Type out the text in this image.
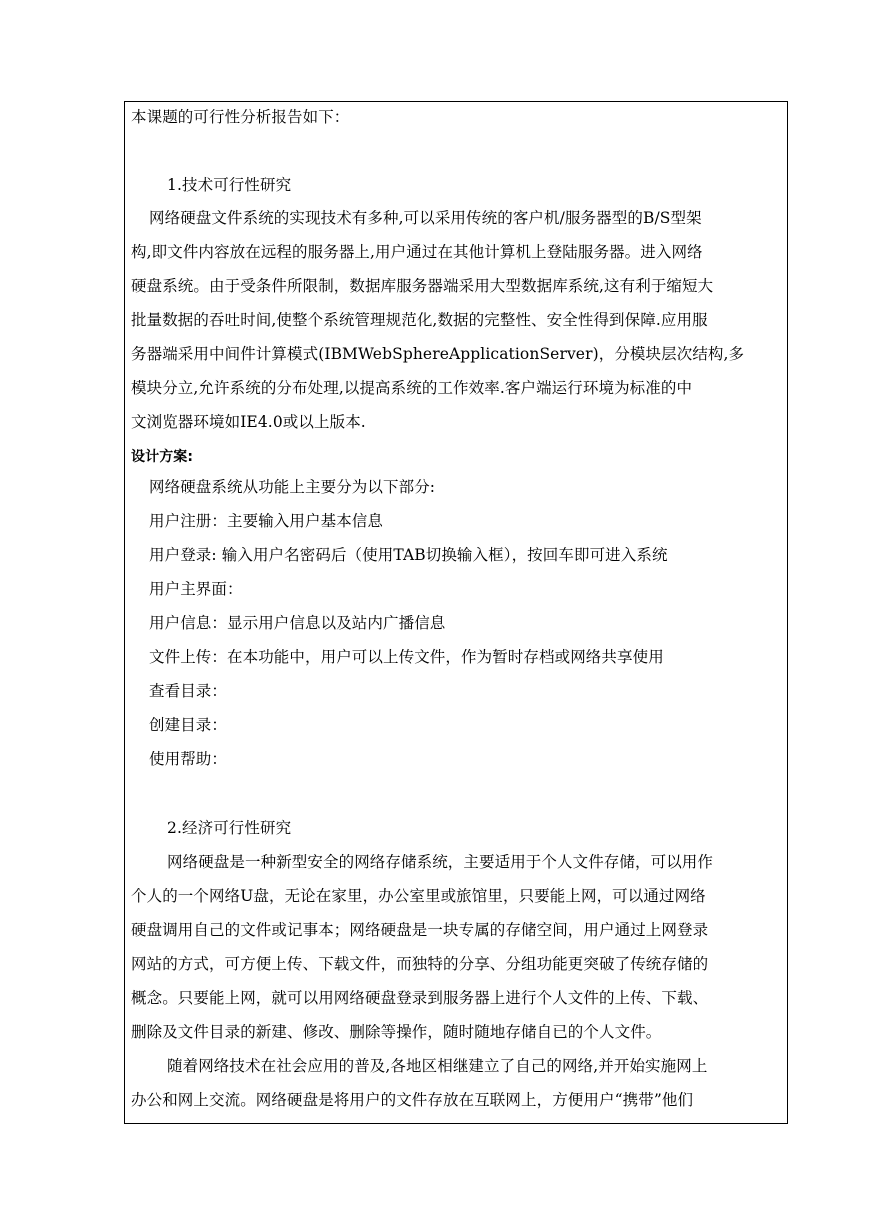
本课题的可行性分析报告如下：
1.技术可行性研究
网络硬盘文件系统的实现技术有多种,可以采用传统的客户机/服务器型的B/S型架
构,即文件内容放在远程的服务器上,用户通过在其他计算机上登陆服务器。进入网络
硬盘系统。由于受条件所限制，数据库服务器端采用大型数据库系统,这有利于缩短大
批量数据的吞吐时间,使整个系统管理规范化,数据的完整性、安全性得到保障.应用服
务器端采用中间件计算模式(IBMWebSphereApplicationServer)，分模块层次结构,多
模块分立,允许系统的分布处理,以提高系统的工作效率.客户端运行环境为标准的中
文浏览器环境如IE4.0或以上版本.
设计方案:
网络硬盘系统从功能上主要分为以下部分:
用户注册：主要输入用户基本信息
用户登录: 输入用户名密码后（使用TAB切换输入框），按回车即可进入系统
用户主界面：
用户信息：显示用户信息以及站内广播信息
文件上传：在本功能中，用户可以上传文件，作为暂时存档或网络共享使用
查看目录：
创建目录：
使用帮助：
2.经济可行性研究
网络硬盘是一种新型安全的网络存储系统，主要适用于个人文件存储，可以用作
个人的一个网络U盘，无论在家里，办公室里或旅馆里，只要能上网，可以通过网络
硬盘调用自己的文件或记事本；网络硬盘是一块专属的存储空间，用户通过上网登录
网站的方式，可方便上传、下载文件，而独特的分享、分组功能更突破了传统存储的
概念。只要能上网，就可以用网络硬盘登录到服务器上进行个人文件的上传、下载、
删除及文件目录的新建、修改、删除等操作，随时随地存储自已的个人文件。
随着网络技术在社会应用的普及,各地区相继建立了自己的网络,并开始实施网上
办公和网上交流。网络硬盘是将用户的文件存放在互联网上，方便用户“携带”他们
